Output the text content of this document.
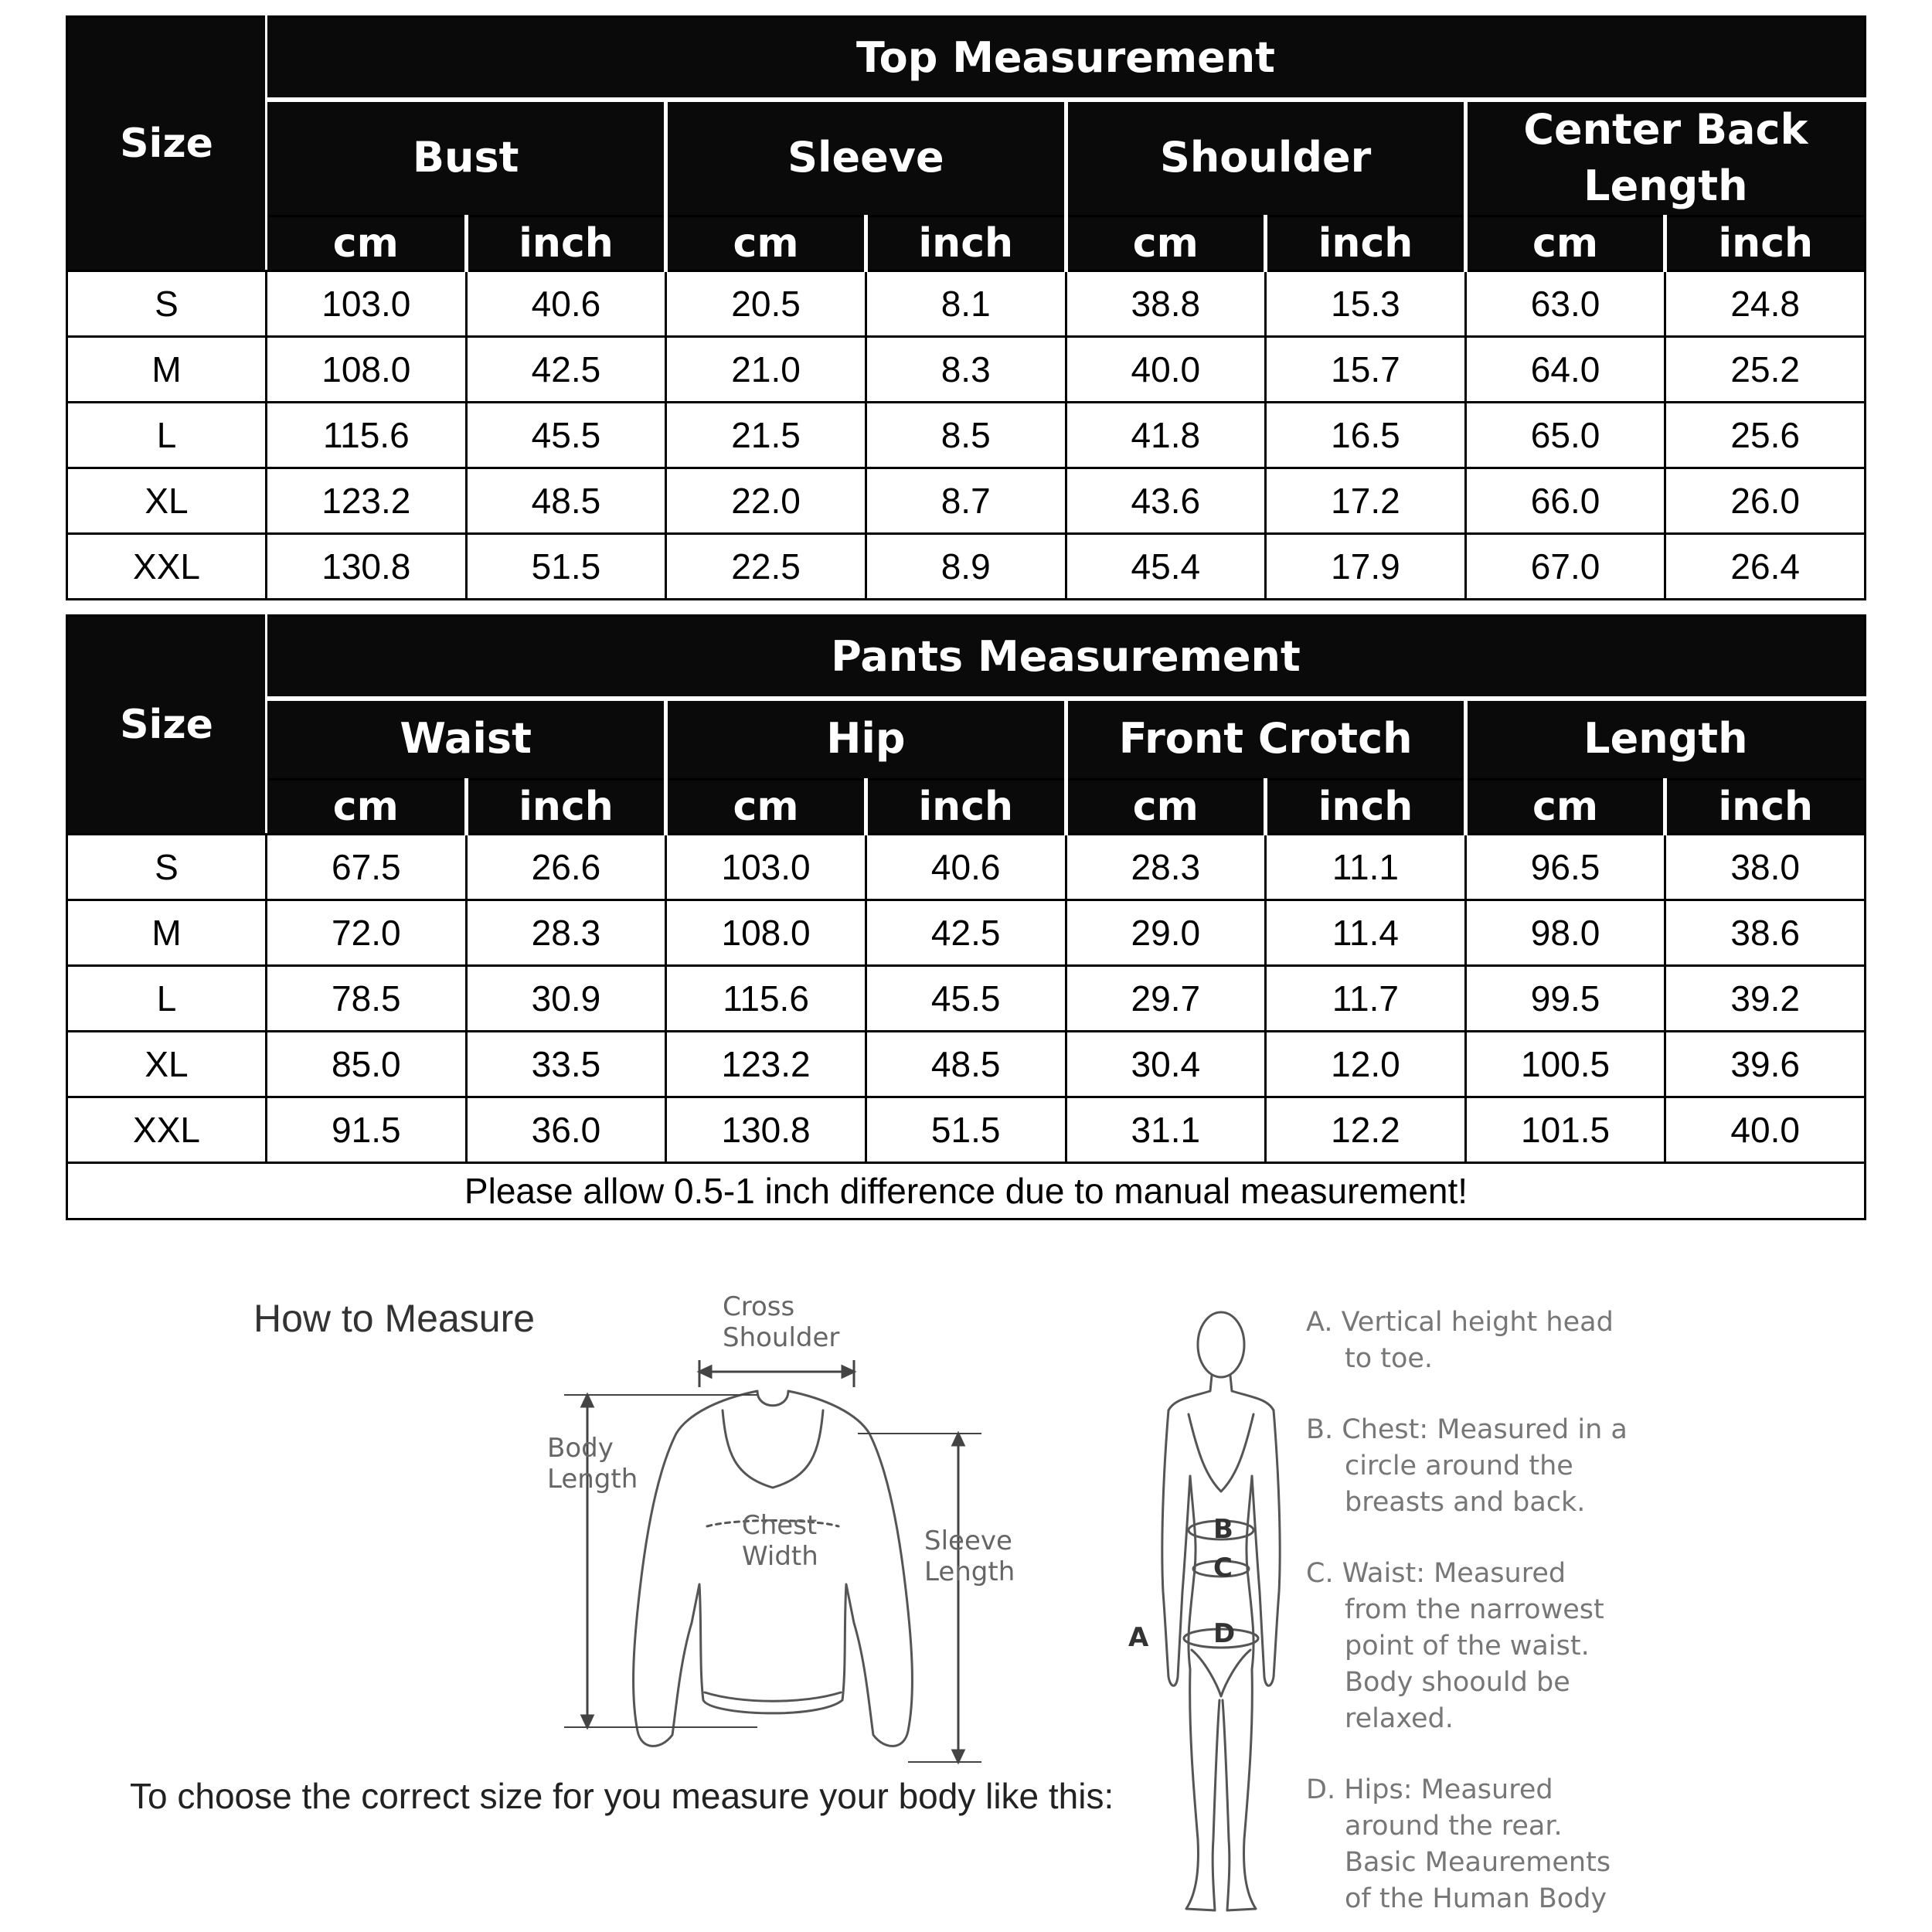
Size	Top Measurement							
	Bust		Sleeve		Shoulder		Center Back Length	
	cm	inch	cm	inch	cm	inch	cm	inch
S	103.0	40.6	20.5	8.1	38.8	15.3	63.0	24.8
M	108.0	42.5	21.0	8.3	40.0	15.7	64.0	25.2
L	115.6	45.5	21.5	8.5	41.8	16.5	65.0	25.6
XL	123.2	48.5	22.0	8.7	43.6	17.2	66.0	26.0
XXL	130.8	51.5	22.5	8.9	45.4	17.9	67.0	26.4
Size	Pants Measurement							
	Waist		Hip		Front Crotch		Length	
	cm	inch	cm	inch	cm	inch	cm	inch
S	67.5	26.6	103.0	40.6	28.3	11.1	96.5	38.0
M	72.0	28.3	108.0	42.5	29.0	11.4	98.0	38.6
L	78.5	30.9	115.6	45.5	29.7	11.7	99.5	39.2
XL	85.0	33.5	123.2	48.5	30.4	12.0	100.5	39.6
XXL	91.5	36.0	130.8	51.5	31.1	12.2	101.5	40.0
Please allow 0.5-1 inch difference due to manual measurement!								
How to Measure
To choose the correct size for you measure your body like this:
Cross
Shoulder
Body
Length
Chest
Width	Sleeve
Length
B
C
D
A
A. Vertical height head
to toe.
B. Chest: Measured in a
circle around the
breasts and back.
C. Waist: Measured
from the narrowest
point of the waist.
Body shoould be
relaxed.
D. Hips: Measured
around the rear.
Basic Meaurements
of the Human Body
